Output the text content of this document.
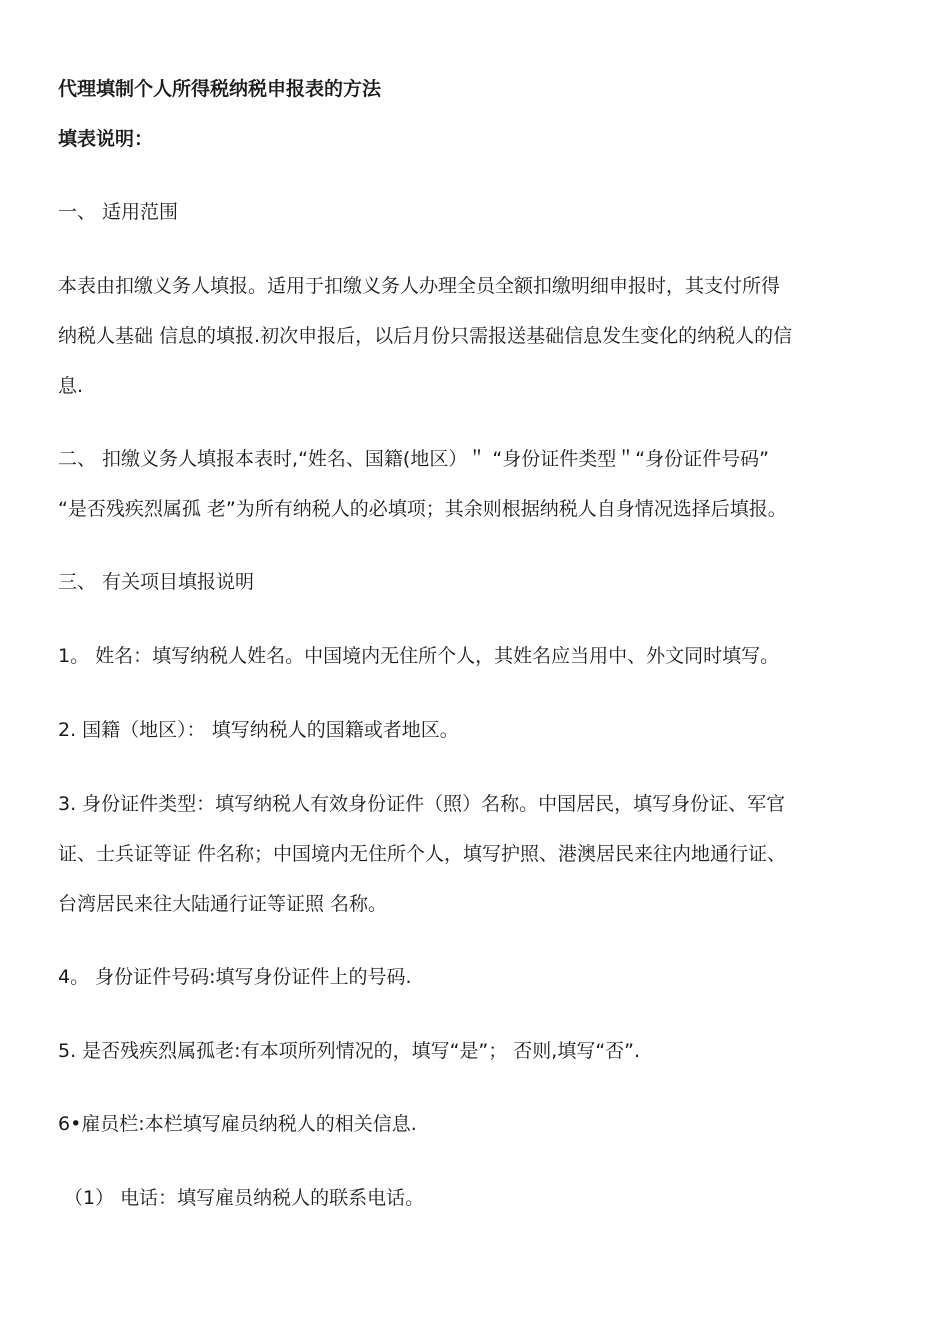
代理填制个人所得税纳税申报表的方法
填表说明：
一、 适用范围
本表由扣缴义务人填报。适用于扣缴义务人办理全员全额扣缴明细申报时，其支付所得
纳税人基础 信息的填报.初次申报后，以后月份只需报送基础信息发生变化的纳税人的信
息.
二、 扣缴义务人填报本表时,“姓名、国籍(地区）＂ “身份证件类型＂“身份证件号码”
“是否残疾烈属孤 老”为所有纳税人的必填项；其余则根据纳税人自身情况选择后填报。
三、 有关项目填报说明
1。 姓名：填写纳税人姓名。中国境内无住所个人，其姓名应当用中、外文同时填写。
2. 国籍（地区）： 填写纳税人的国籍或者地区。
3. 身份证件类型：填写纳税人有效身份证件（照）名称。中国居民，填写身份证、军官
证、士兵证等证 件名称；中国境内无住所个人，填写护照、港澳居民来往内地通行证、
台湾居民来往大陆通行证等证照 名称。
4。 身份证件号码:填写身份证件上的号码.
5. 是否残疾烈属孤老:有本项所列情况的，填写“是”； 否则,填写“否”.
6•雇员栏:本栏填写雇员纳税人的相关信息.
（1） 电话：填写雇员纳税人的联系电话。
